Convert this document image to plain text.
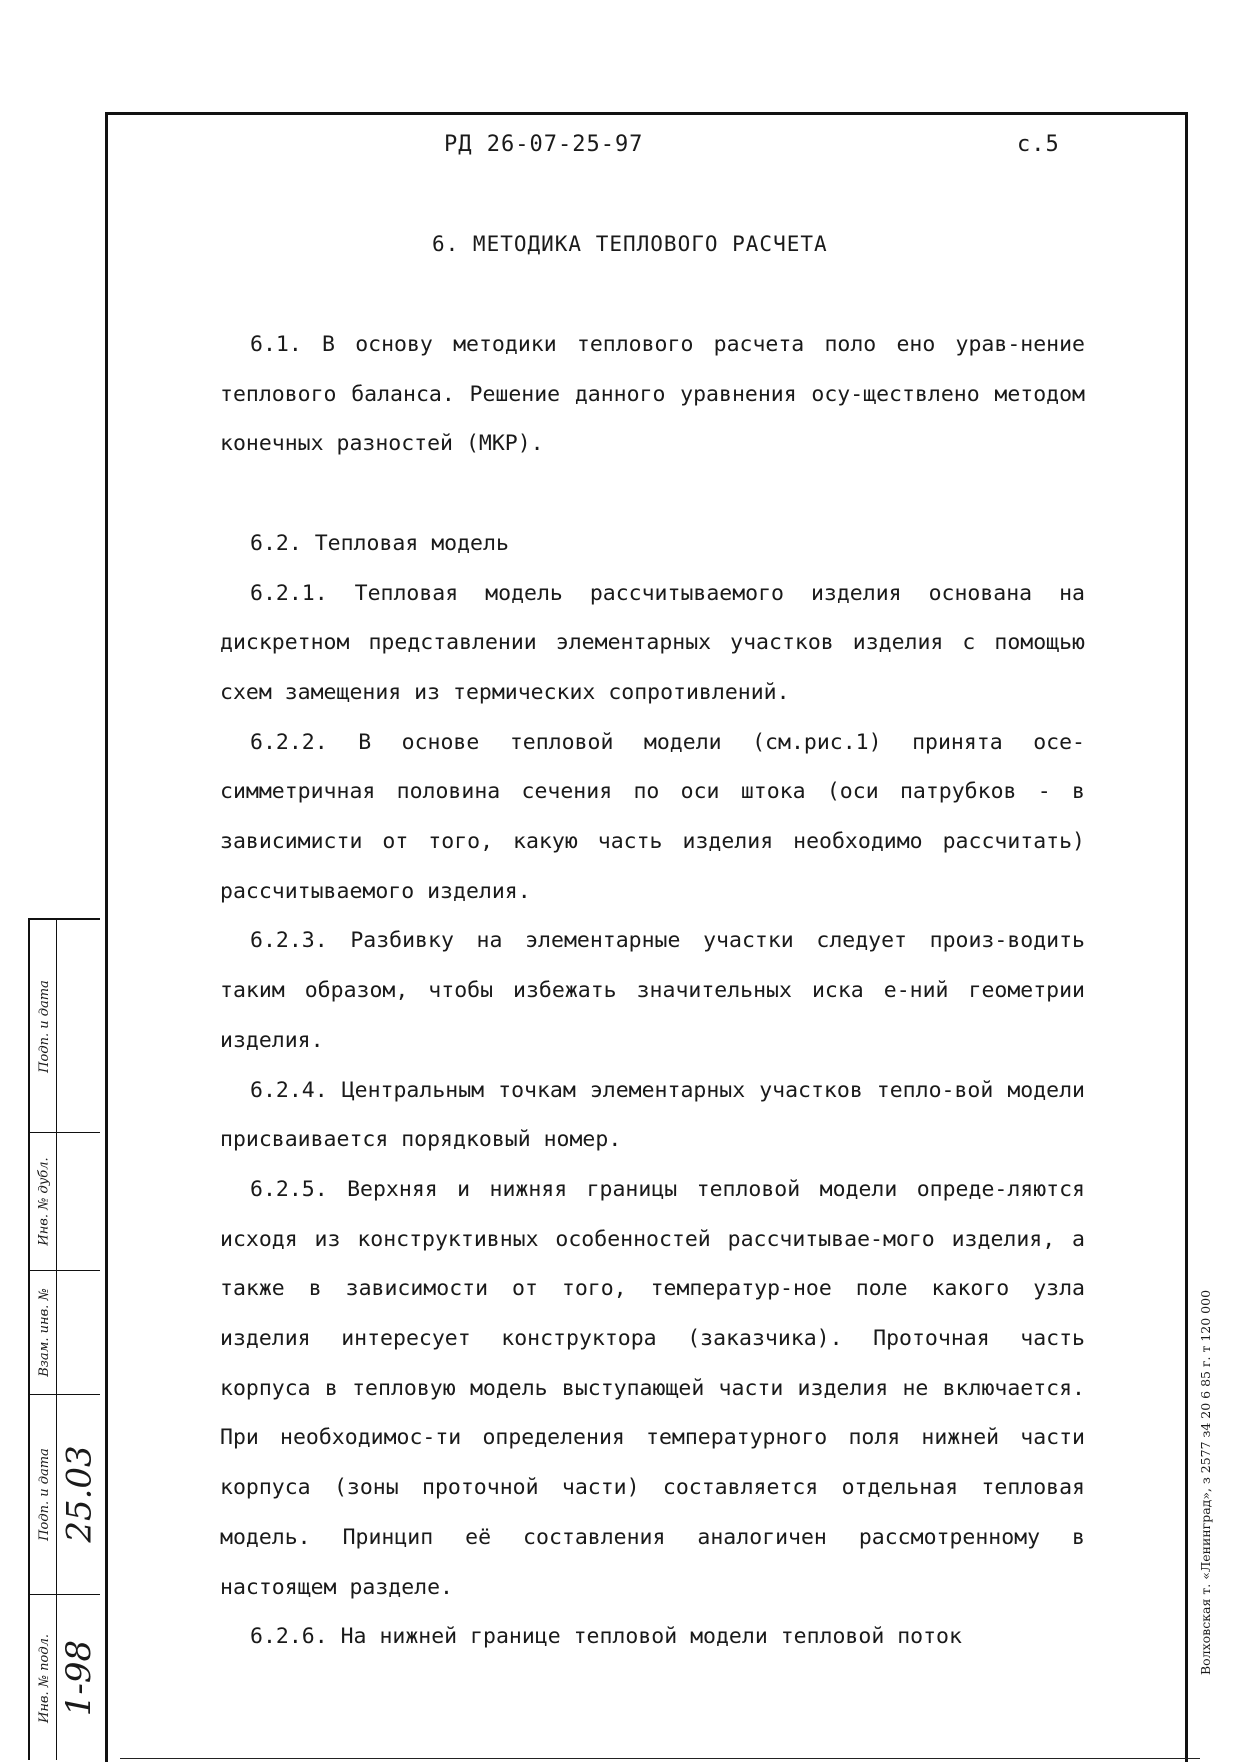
РД 26-07-25-97	с.5
6. МЕТОДИКА ТЕПЛОВОГО РАСЧЕТА

6.1. В основу методики теплового расчета поло ено урав-нение теплового баланса. Решение данного уравнения осу-ществлено методом конечных разностей (МКР).

6.2. Тепловая модель

6.2.1. Тепловая модель рассчитываемого изделия основана на дискретном представлении элементарных участков изделия с помощью схем замещения из термических сопротивлений.

6.2.2. В основе тепловой модели (см.рис.1) принята осе-симметричная половина сечения по оси штока (оси патрубков - в зависимисти от того, какую часть изделия необходимо рассчитать) рассчитываемого изделия.

6.2.3. Разбивку на элементарные участки следует произ-водить таким образом, чтобы избежать значительных иска е-ний геометрии изделия.

6.2.4. Центральным точкам элементарных участков тепло-вой модели присваивается порядковый номер.

6.2.5. Верхняя и нижняя границы тепловой модели опреде-ляются исходя из конструктивных особенностей рассчитывае-мого изделия, а также в зависимости от того, температур-ное поле какого узла изделия интересует конструктора (заказчика). Проточная часть корпуса в тепловую модель выступающей части изделия не включается. При необходимос-ти определения температурного поля нижней части корпуса (зоны проточной части) составляется отдельная тепловая модель. Принцип её составления аналогичен рассмотренному в настоящем разделе.

6.2.6. На нижней границе тепловой модели тепловой поток

Подп. и дата
Инв. № дубл.
Взам. инв. №
Подп. и дата
Инв. № подл.
25.03
1-98
Волховская т. «Ленинград», з 2577 з4 20 6 85 г. т 120 000
